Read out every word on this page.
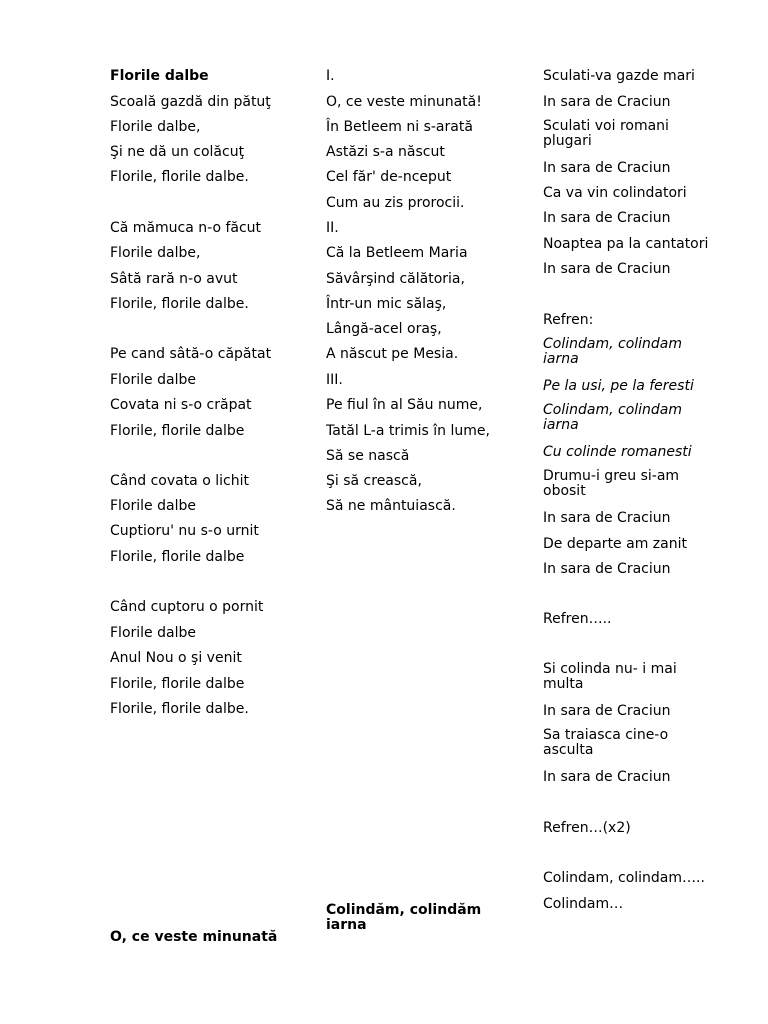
Florile dalbe
Scoală gazdă din pătuţ
Florile dalbe,
Şi ne dă un colăcuţ
Florile, florile dalbe.
Că mămuca n-o făcut
Florile dalbe,
Sâtă rară n-o avut
Florile, florile dalbe.
Pe cand sâtă-o căpătat
Florile dalbe
Covata ni s-o crăpat
Florile, florile dalbe
Când covata o lichit
Florile dalbe
Cuptioru' nu s-o urnit
Florile, florile dalbe
Când cuptoru o pornit
Florile dalbe
Anul Nou o şi venit
Florile, florile dalbe
Florile, florile dalbe.
O, ce veste minunată
I.
O, ce veste minunată!
În Betleem ni s-arată
Astăzi s-a născut
Cel făr' de-nceput
Cum au zis prorocii.
II.
Că la Betleem Maria
Săvârşind călătoria,
Într-un mic sălaş,
Lângă-acel oraş,
A născut pe Mesia.
III.
Pe fiul în al Său nume,
Tatăl L-a trimis în lume,
Să se nască
Şi să crească,
Să ne mântuiască.
Colindăm, colindăm iarna
Sculati-va gazde mari
In sara de Craciun
Sculati voi romani plugari
In sara de Craciun
Ca va vin colindatori
In sara de Craciun
Noaptea pa la cantatori
In sara de Craciun
Refren:
Colindam, colindam iarna
Pe la usi, pe la feresti
Colindam, colindam iarna
Cu colinde romanesti
Drumu-i greu si-am obosit
In sara de Craciun
De departe am zanit
In sara de Craciun
Refren…..
Si colinda nu- i mai multa
In sara de Craciun
Sa traiasca cine-o asculta
In sara de Craciun
Refren…(x2)
Colindam, colindam…..
Colindam…
